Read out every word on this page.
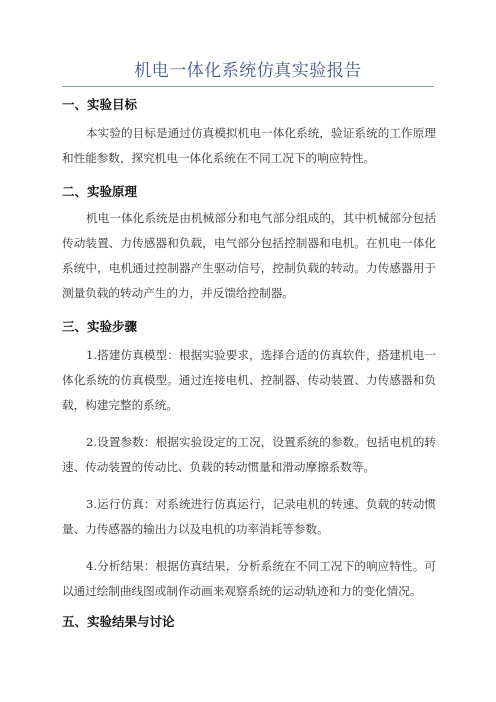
机电一体化系统仿真实验报告
一、实验目标
本实验的目标是通过仿真模拟机电一体化系统，验证系统的工作原理和性能参数，探究机电一体化系统在不同工况下的响应特性。
二、实验原理
机电一体化系统是由机械部分和电气部分组成的，其中机械部分包括传动装置、力传感器和负载，电气部分包括控制器和电机。在机电一体化系统中，电机通过控制器产生驱动信号，控制负载的转动。力传感器用于测量负载的转动产生的力，并反馈给控制器。
三、实验步骤
1.搭建仿真模型：根据实验要求，选择合适的仿真软件，搭建机电一体化系统的仿真模型。通过连接电机、控制器、传动装置、力传感器和负载，构建完整的系统。
2.设置参数：根据实验设定的工况，设置系统的参数。包括电机的转速、传动装置的传动比、负载的转动惯量和滑动摩擦系数等。
3.运行仿真：对系统进行仿真运行，记录电机的转速、负载的转动惯量、力传感器的输出力以及电机的功率消耗等参数。
4.分析结果：根据仿真结果，分析系统在不同工况下的响应特性。可以通过绘制曲线图或制作动画来观察系统的运动轨迹和力的变化情况。
五、实验结果与讨论
